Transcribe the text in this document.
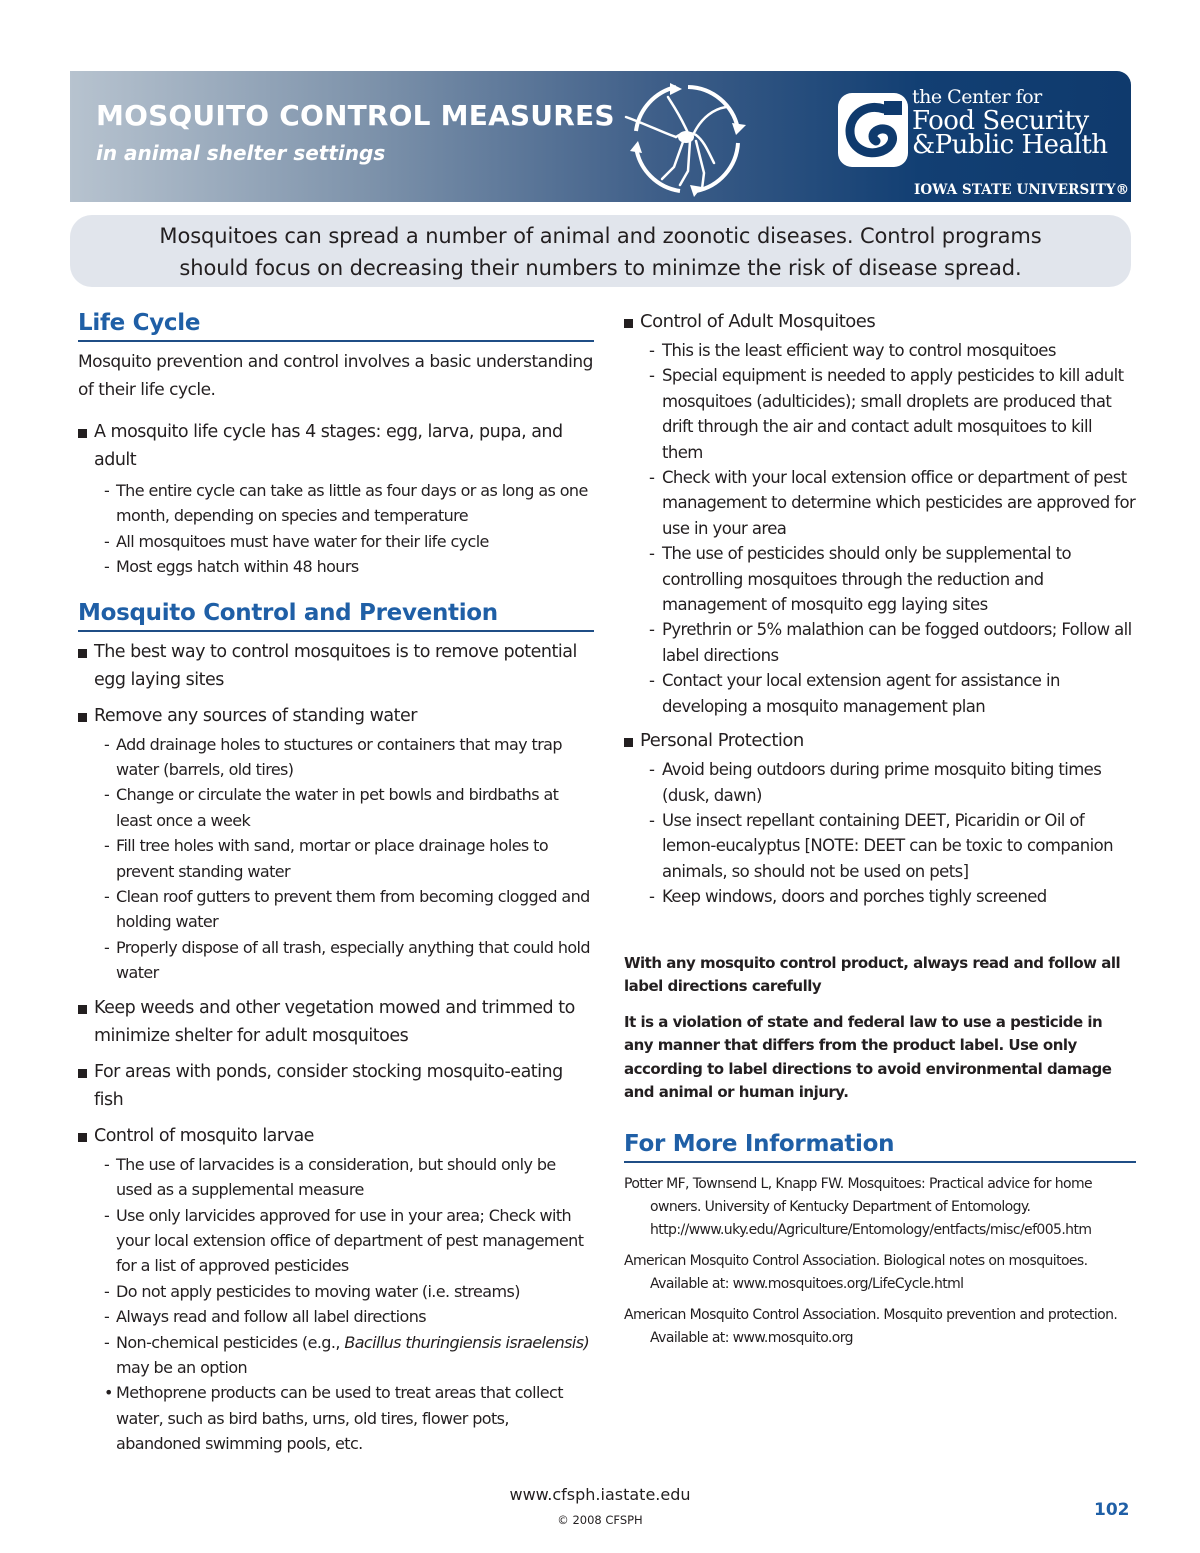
MOSQUITO CONTROL MEASURES
in animal shelter settings
the Center for
Food Security
&Public Health
IOWA STATE UNIVERSITY®
Mosquitoes can spread a number of animal and zoonotic diseases. Control programs
should focus on decreasing their numbers to minimze the risk of disease spread.
Life Cycle
Mosquito prevention and control involves a basic understanding of their life cycle.
A mosquito life cycle has 4 stages: egg, larva, pupa, and adult
- The entire cycle can take as little as four days or as long as one month, depending on species and temperature
- All mosquitoes must have water for their life cycle
- Most eggs hatch within 48 hours
Mosquito Control and Prevention
The best way to control mosquitoes is to remove potential egg laying sites
Remove any sources of standing water
- Add drainage holes to stuctures or containers that may trap water (barrels, old tires)
- Change or circulate the water in pet bowls and birdbaths at least once a week
- Fill tree holes with sand, mortar or place drainage holes to prevent standing water
- Clean roof gutters to prevent them from becoming clogged and holding water
- Properly dispose of all trash, especially anything that could hold water
Keep weeds and other vegetation mowed and trimmed to minimize shelter for adult mosquitoes
For areas with ponds, consider stocking mosquito-eating fish
Control of mosquito larvae
- The use of larvacides is a consideration, but should only be used as a supplemental measure
- Use only larvicides approved for use in your area; Check with your local extension office of department of pest management for a list of approved pesticides
- Do not apply pesticides to moving water (i.e. streams)
- Always read and follow all label directions
- Non-chemical pesticides (e.g., Bacillus thuringiensis israelensis) may be an option
• Methoprene products can be used to treat areas that collect water, such as bird baths, urns, old tires, flower pots, abandoned swimming pools, etc.
Control of Adult Mosquitoes
- This is the least efficient way to control mosquitoes
- Special equipment is needed to apply pesticides to kill adult mosquitoes (adulticides); small droplets are produced that drift through the air and contact adult mosquitoes to kill them
- Check with your local extension office or department of pest management to determine which pesticides are approved for use in your area
- The use of pesticides should only be supplemental to controlling mosquitoes through the reduction and management of mosquito egg laying sites
- Pyrethrin or 5% malathion can be fogged outdoors; Follow all label directions
- Contact your local extension agent for assistance in developing a mosquito management plan
Personal Protection
- Avoid being outdoors during prime mosquito biting times (dusk, dawn)
- Use insect repellant containing DEET, Picaridin or Oil of lemon-eucalyptus [NOTE: DEET can be toxic to companion animals, so should not be used on pets]
- Keep windows, doors and porches tighly screened
With any mosquito control product, always read and follow all label directions carefully
It is a violation of state and federal law to use a pesticide in any manner that differs from the product label. Use only according to label directions to avoid environmental damage and animal or human injury.
For More Information
Potter MF, Townsend L, Knapp FW. Mosquitoes: Practical advice for home owners. University of Kentucky Department of Entomology. http://www.uky.edu/Agriculture/Entomology/entfacts/misc/ef005.htm
American Mosquito Control Association. Biological notes on mosquitoes. Available at: www.mosquitoes.org/LifeCycle.html
American Mosquito Control Association. Mosquito prevention and protection. Available at: www.mosquito.org
www.cfsph.iastate.edu
© 2008 CFSPH	102
